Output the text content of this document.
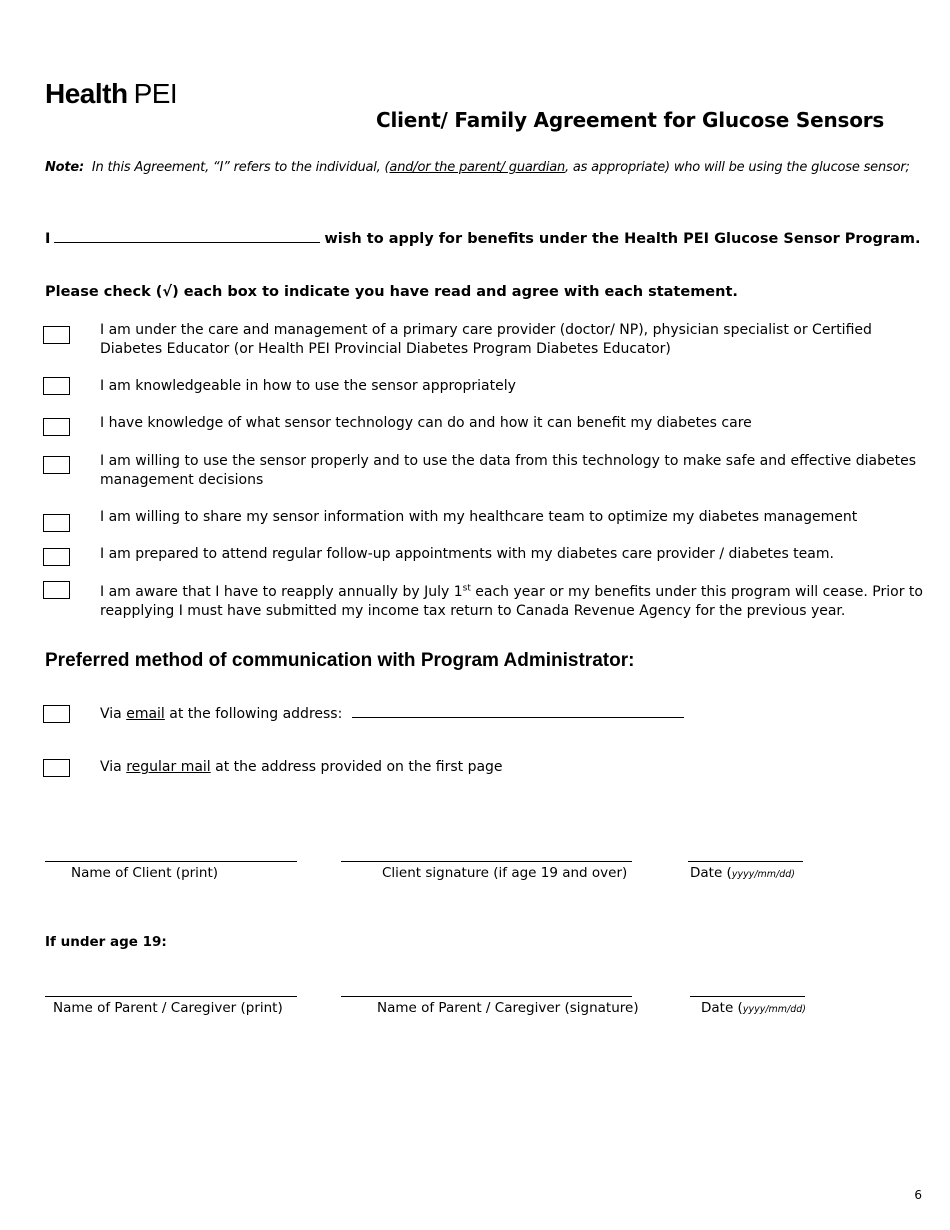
Health PEI
Client/ Family Agreement for Glucose Sensors
Note: In this Agreement, “I” refers to the individual, (and/or the parent/ guardian, as appropriate) who will be using the glucose sensor;
I	wish to apply for benefits under the Health PEI Glucose Sensor Program.
Please check (√) each box to indicate you have read and agree with each statement.
I am under the care and management of a primary care provider (doctor/ NP), physician specialist or Certified Diabetes Educator (or Health PEI Provincial Diabetes Program Diabetes Educator)
I am knowledgeable in how to use the sensor appropriately
I have knowledge of what sensor technology can do and how it can benefit my diabetes care
I am willing to use the sensor properly and to use the data from this technology to make safe and effective diabetes management decisions
I am willing to share my sensor information with my healthcare team to optimize my diabetes management
I am prepared to attend regular follow-up appointments with my diabetes care provider / diabetes team.
I am aware that I have to reapply annually by July 1st each year or my benefits under this program will cease. Prior to reapplying I must have submitted my income tax return to Canada Revenue Agency for the previous year.
Preferred method of communication with Program Administrator:
Via email at the following address:
Via regular mail at the address provided on the first page
Name of Client (print)	Client signature (if age 19 and over)	Date (yyyy/mm/dd)
If under age 19:
Name of Parent / Caregiver (print)	Name of Parent / Caregiver (signature)	Date (yyyy/mm/dd)
6
